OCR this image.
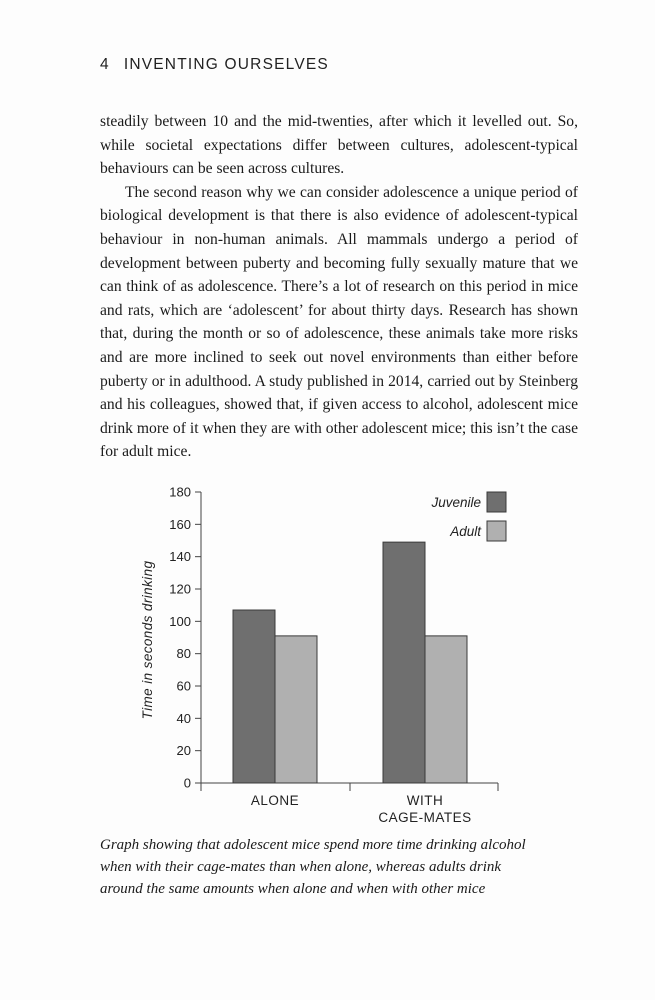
4 INVENTING OURSELVES

steadily between 10 and the mid-twenties, after which it levelled out. So, while societal expectations differ between cultures, adolescent-typical behaviours can be seen across cultures.

The second reason why we can consider adolescence a unique period of biological development is that there is also evidence of adolescent-typical behaviour in non-human animals. All mammals undergo a period of development between puberty and becoming fully sexually mature that we can think of as adolescence. There’s a lot of research on this period in mice and rats, which are ‘adolescent’ for about thirty days. Research has shown that, during the month or so of adolescence, these animals take more risks and are more inclined to seek out novel environments than either before puberty or in adulthood. A study published in 2014, carried out by Steinberg and his colleagues, showed that, if given access to alcohol, adolescent mice drink more of it when they are with other adolescent mice; this isn’t the case for adult mice.

0
20
40
60
80
100
120
140
160
180
ALONE	WITH
CAGE-MATES
Juvenile
Adult
Time in seconds drinking
Graph showing that adolescent mice spend more time drinking alcohol
when with their cage-mates than when alone, whereas adults drink
around the same amounts when alone and when with other mice
